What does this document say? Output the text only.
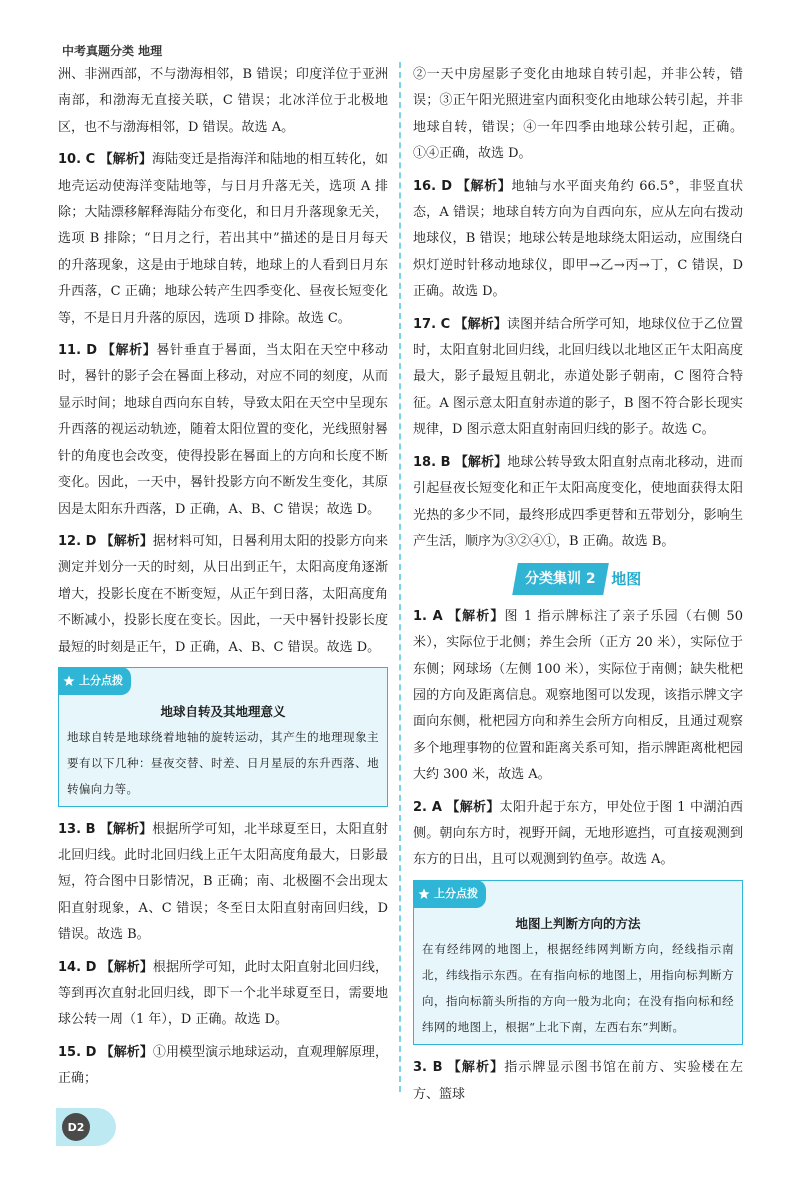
中考真题分类 地理

洲、非洲西部，不与渤海相邻，B 错误；印度洋位于亚洲南部，和渤海无直接关联，C 错误；北冰洋位于北极地区，也不与渤海相邻，D 错误。故选 A。

10. C 【解析】海陆变迁是指海洋和陆地的相互转化，如地壳运动使海洋变陆地等，与日月升落无关，选项 A 排除；大陆漂移解释海陆分布变化，和日月升落现象无关，选项 B 排除；“日月之行，若出其中”描述的是日月每天的升落现象，这是由于地球自转，地球上的人看到日月东升西落，C 正确；地球公转产生四季变化、昼夜长短变化等，不是日月升落的原因，选项 D 排除。故选 C。

11. D 【解析】晷针垂直于晷面，当太阳在天空中移动时，晷针的影子会在晷面上移动，对应不同的刻度，从而显示时间；地球自西向东自转，导致太阳在天空中呈现东升西落的视运动轨迹，随着太阳位置的变化，光线照射晷针的角度也会改变，使得投影在晷面上的方向和长度不断变化。因此，一天中，晷针投影方向不断发生变化，其原因是太阳东升西落，D 正确，A、B、C 错误；故选 D。

12. D 【解析】据材料可知，日晷利用太阳的投影方向来测定并划分一天的时刻，从日出到正午，太阳高度角逐渐增大，投影长度在不断变短，从正午到日落，太阳高度角不断减小，投影长度在变长。因此，一天中晷针投影长度最短的时刻是正午，D 正确，A、B、C 错误。故选 D。

上分点拨
地球自转及其地理意义
地球自转是地球绕着地轴的旋转运动，其产生的地理现象主要有以下几种：昼夜交替、时差、日月星辰的东升西落、地转偏向力等。

13. B 【解析】根据所学可知，北半球夏至日，太阳直射北回归线。此时北回归线上正午太阳高度角最大，日影最短，符合图中日影情况，B 正确；南、北极圈不会出现太阳直射现象，A、C 错误；冬至日太阳直射南回归线，D 错误。故选 B。

14. D 【解析】根据所学可知，此时太阳直射北回归线，等到再次直射北回归线，即下一个北半球夏至日，需要地球公转一周（1 年），D 正确。故选 D。

15. D 【解析】①用模型演示地球运动，直观理解原理，正确；

②一天中房屋影子变化由地球自转引起，并非公转，错误；③正午阳光照进室内面积变化由地球公转引起，并非地球自转，错误；④一年四季由地球公转引起，正确。①④正确，故选 D。

16. D 【解析】地轴与水平面夹角约 66.5°，非竖直状态，A 错误；地球自转方向为自西向东，应从左向右拨动地球仪，B 错误；地球公转是地球绕太阳运动，应围绕白炽灯逆时针移动地球仪，即甲→乙→丙→丁，C 错误，D 正确。故选 D。

17. C 【解析】读图并结合所学可知，地球仪位于乙位置时，太阳直射北回归线，北回归线以北地区正午太阳高度最大，影子最短且朝北，赤道处影子朝南，C 图符合特征。A 图示意太阳直射赤道的影子，B 图不符合影长现实规律，D 图示意太阳直射南回归线的影子。故选 C。

18. B 【解析】地球公转导致太阳直射点南北移动，进而引起昼夜长短变化和正午太阳高度变化，使地面获得太阳光热的多少不同，最终形成四季更替和五带划分，影响生产生活，顺序为③②④①，B 正确。故选 B。

分类集训 2	地图

1. A 【解析】图 1 指示牌标注了亲子乐园（右侧 50 米），实际位于北侧；养生会所（正方 20 米），实际位于东侧；网球场（左侧 100 米），实际位于南侧；缺失枇杷园的方向及距离信息。观察地图可以发现，该指示牌文字面向东侧，枇杷园方向和养生会所方向相反，且通过观察多个地理事物的位置和距离关系可知，指示牌距离枇杷园大约 300 米，故选 A。

2. A 【解析】太阳升起于东方，甲处位于图 1 中湖泊西侧。朝向东方时，视野开阔，无地形遮挡，可直接观测到东方的日出，且可以观测到钓鱼亭。故选 A。

上分点拨
地图上判断方向的方法
在有经纬网的地图上，根据经纬网判断方向，经线指示南北，纬线指示东西。在有指向标的地图上，用指向标判断方向，指向标箭头所指的方向一般为北向；在没有指向标和经纬网的地图上，根据“上北下南，左西右东”判断。

3. B 【解析】指示牌显示图书馆在前方、实验楼在左方、篮球

D2
